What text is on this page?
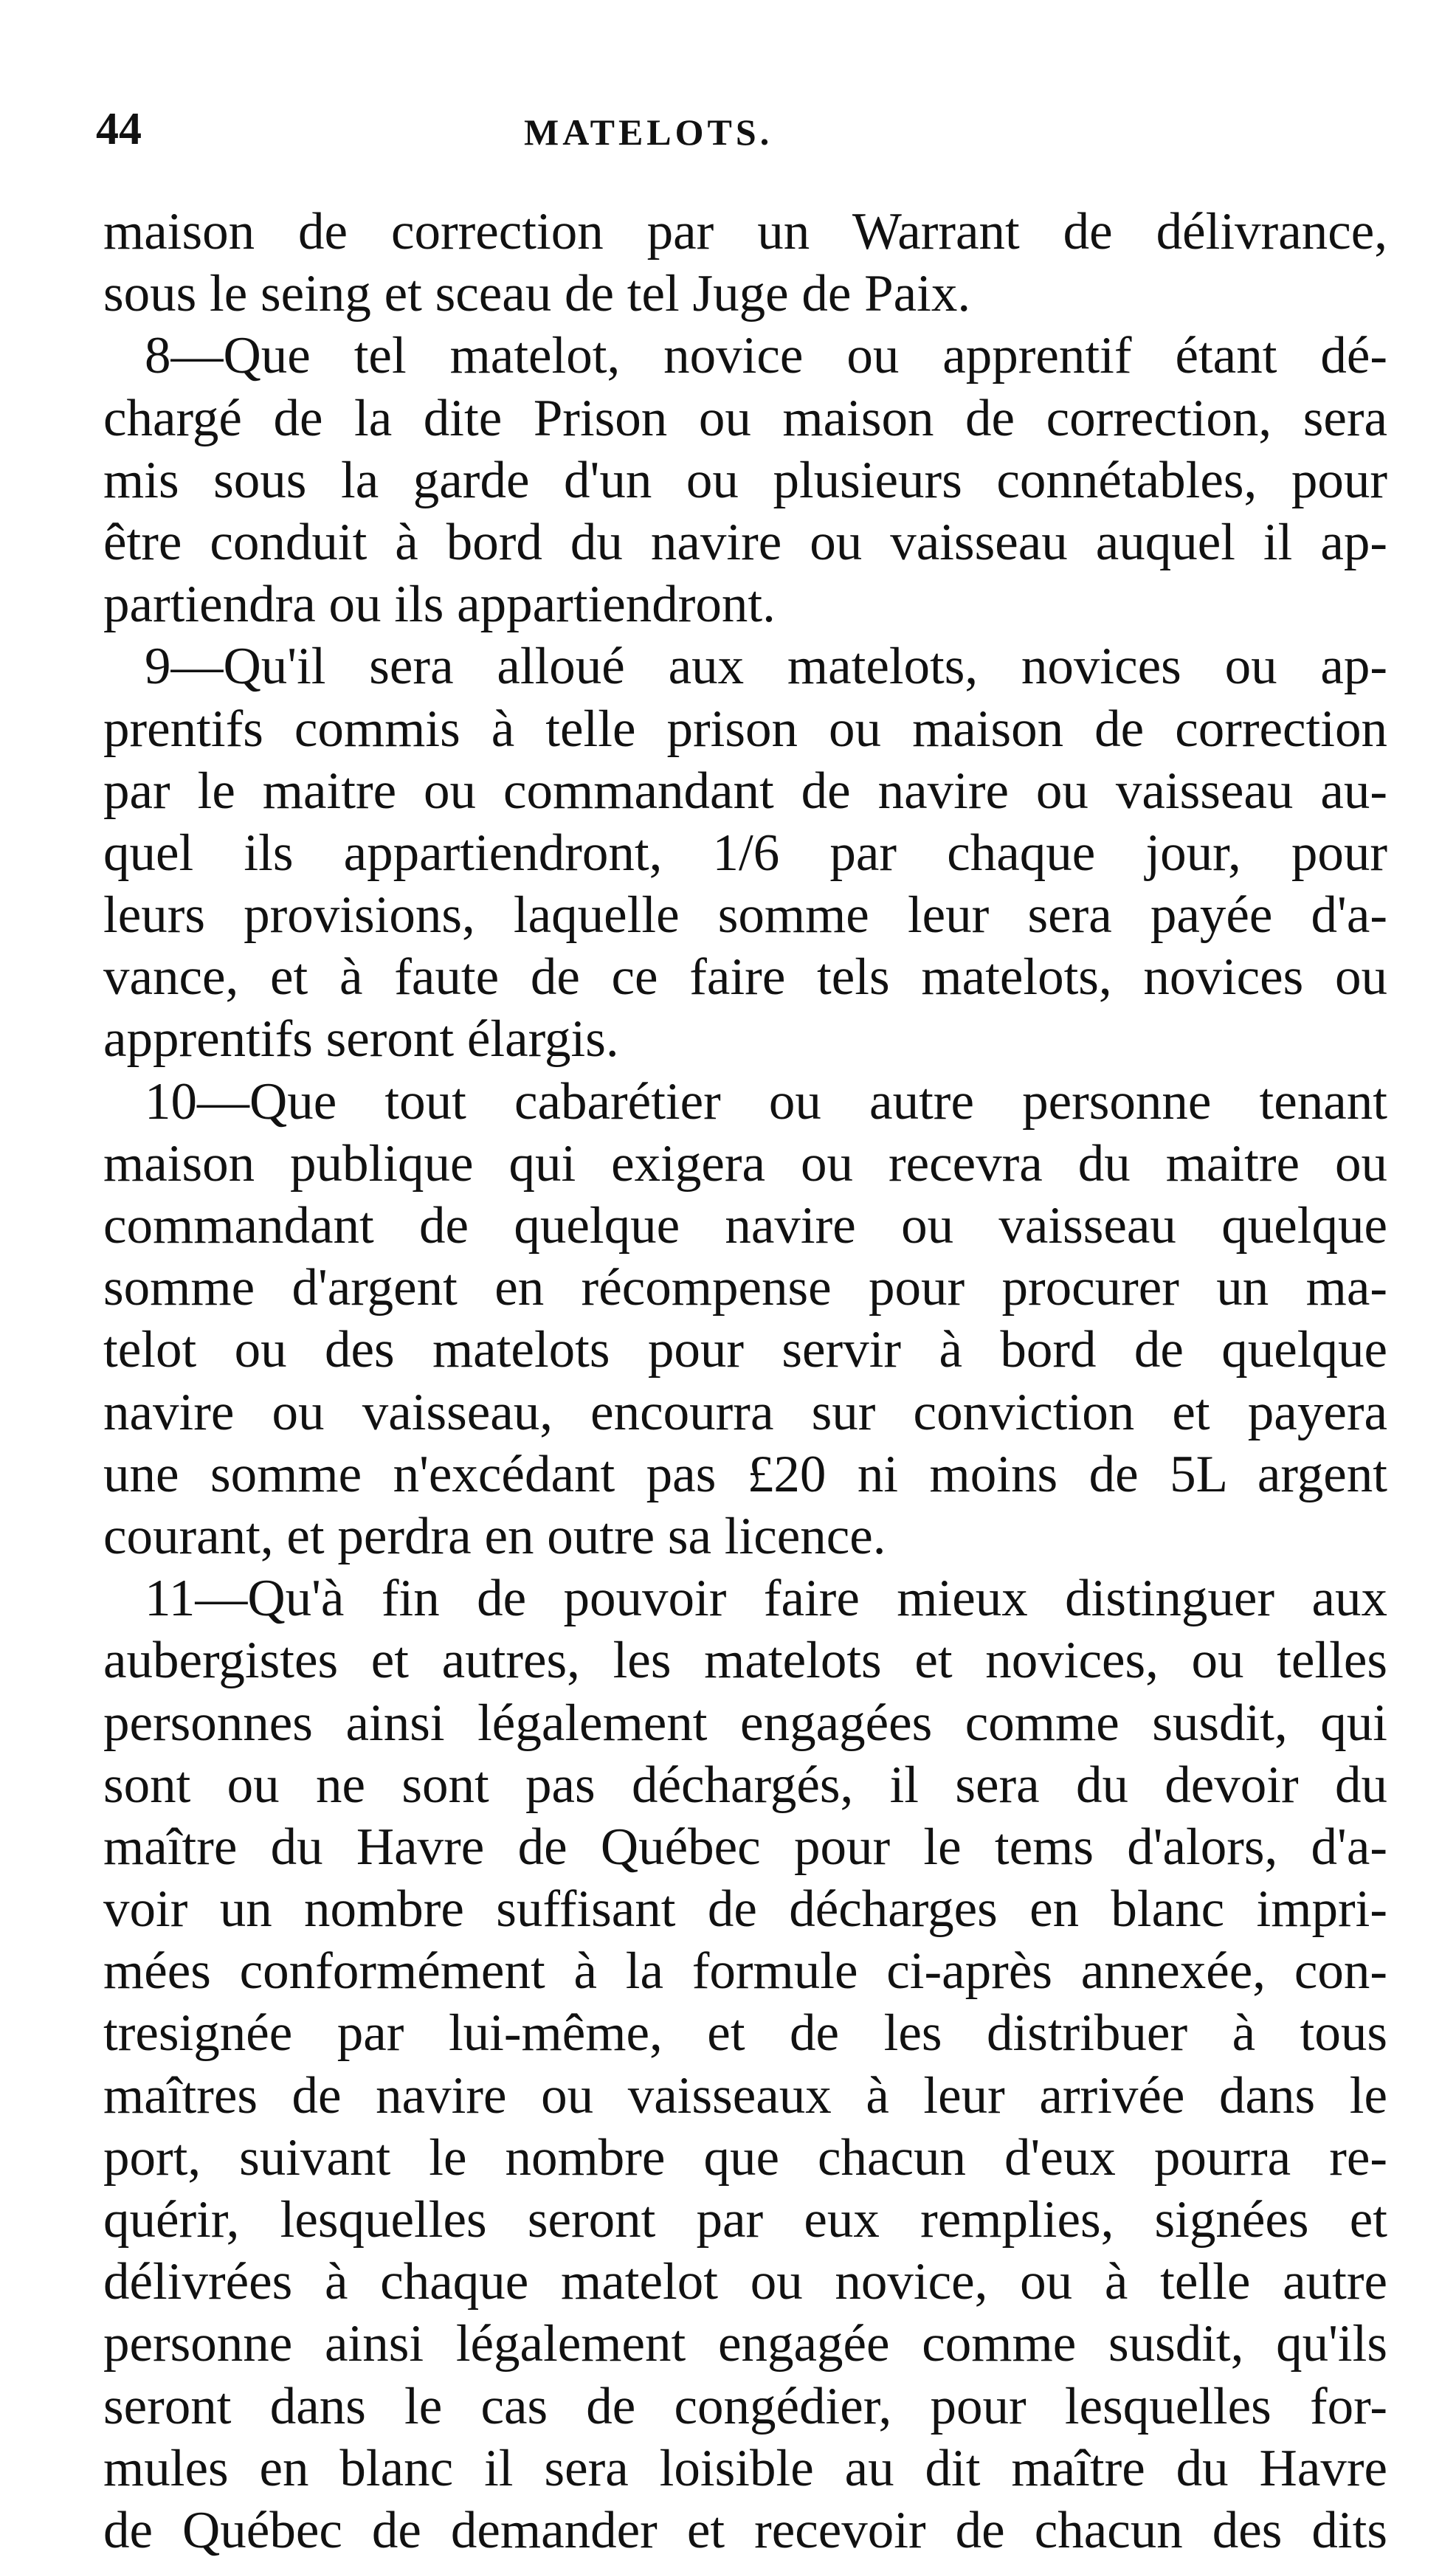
44	MATELOTS.
maison de correction par un Warrant de délivrance,
sous le seing et sceau de tel Juge de Paix.
8—Que tel matelot, novice ou apprentif étant dé-
chargé de la dite Prison ou maison de correction, sera
mis sous la garde d'un ou plusieurs connétables, pour
être conduit à bord du navire ou vaisseau auquel il ap-
partiendra ou ils appartiendront.
9—Qu'il sera alloué aux matelots, novices ou ap-
prentifs commis à telle prison ou maison de correction
par le maitre ou commandant de navire ou vaisseau au-
quel ils appartiendront, 1/6 par chaque jour, pour
leurs provisions, laquelle somme leur sera payée d'a-
vance, et à faute de ce faire tels matelots, novices ou
apprentifs seront élargis.
10—Que tout cabarétier ou autre personne tenant
maison publique qui exigera ou recevra du maitre ou
commandant de quelque navire ou vaisseau quelque
somme d'argent en récompense pour procurer un ma-
telot ou des matelots pour servir à bord de quelque
navire ou vaisseau, encourra sur conviction et payera
une somme n'excédant pas £20 ni moins de 5L argent
courant, et perdra en outre sa licence.
11—Qu'à fin de pouvoir faire mieux distinguer aux
aubergistes et autres, les matelots et novices, ou telles
personnes ainsi légalement engagées comme susdit, qui
sont ou ne sont pas déchargés, il sera du devoir du
maître du Havre de Québec pour le tems d'alors, d'a-
voir un nombre suffisant de décharges en blanc impri-
mées conformément à la formule ci-après annexée, con-
tresignée par lui-même, et de les distribuer à tous
maîtres de navire ou vaisseaux à leur arrivée dans le
port, suivant le nombre que chacun d'eux pourra re-
quérir, lesquelles seront par eux remplies, signées et
délivrées à chaque matelot ou novice, ou à telle autre
personne ainsi légalement engagée comme susdit, qu'ils
seront dans le cas de congédier, pour lesquelles for-
mules en blanc il sera loisible au dit maître du Havre
de Québec de demander et recevoir de chacun des dits
